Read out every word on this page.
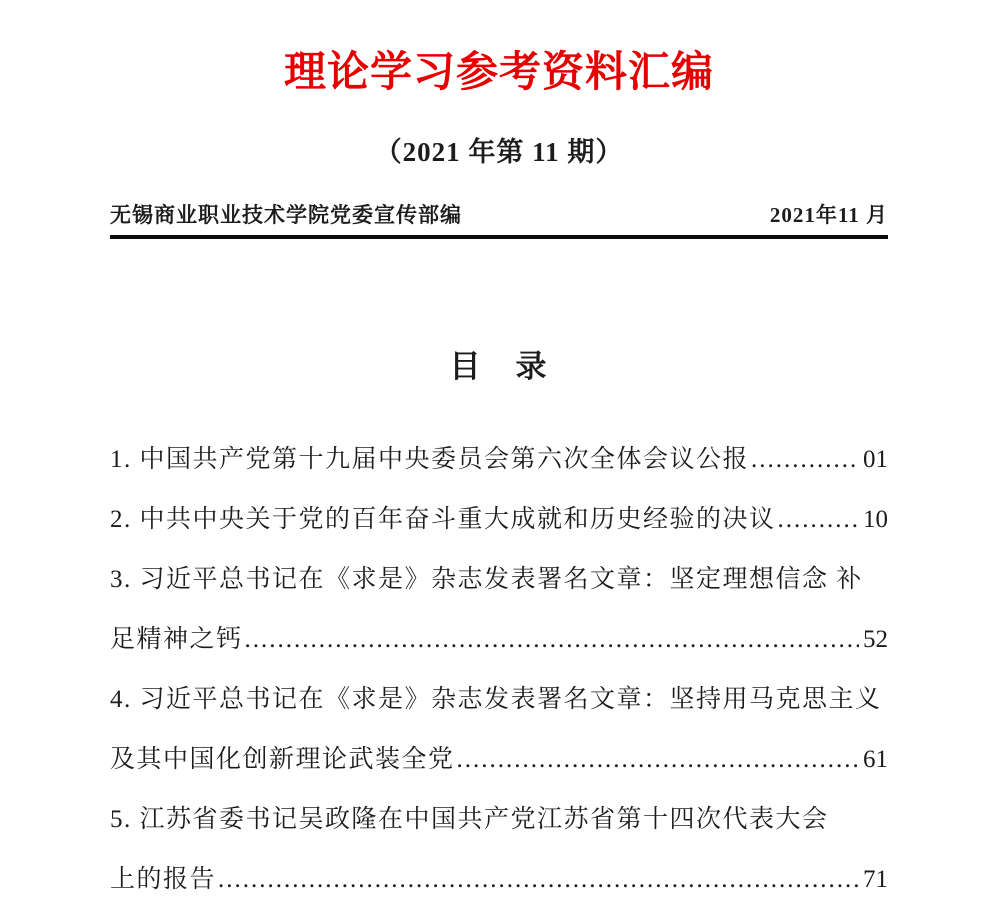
理论学习参考资料汇编
（2021 年第 11 期）
无锡商业职业技术学院党委宣传部编	2021年11 月
目　录
1. 中国共产党第十九届中央委员会第六次全体会议公报 .....	01
2. 中共中央关于党的百年奋斗重大成就和历史经验的决议 .....	10
3. 习近平总书记在《求是》杂志发表署名文章：坚定理想信念 补
足精神之钙 .....	52
4. 习近平总书记在《求是》杂志发表署名文章：坚持用马克思主义
及其中国化创新理论武装全党 .....	61
5. 江苏省委书记吴政隆在中国共产党江苏省第十四次代表大会
上的报告 .....	71
